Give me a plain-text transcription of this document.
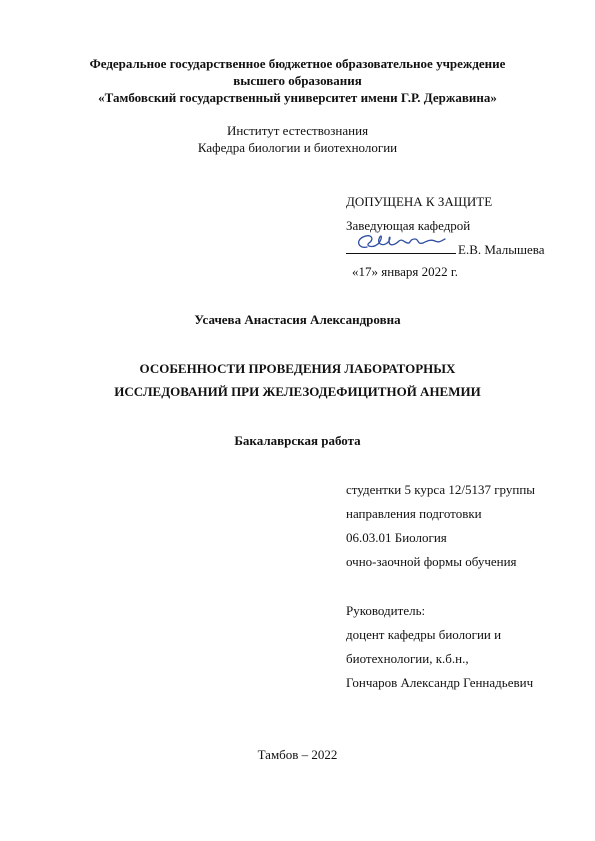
Федеральное государственное бюджетное образовательное учреждение
высшего образования
«Тамбовский государственный университет имени Г.Р. Державина»
Институт естествознания
Кафедра биологии и биотехнологии
ДОПУЩЕНА К ЗАЩИТЕ
Заведующая кафедрой
Е.В. Малышева
«17» января 2022 г.
Усачева Анастасия Александровна
ОСОБЕННОСТИ ПРОВЕДЕНИЯ ЛАБОРАТОРНЫХ
ИССЛЕДОВАНИЙ ПРИ ЖЕЛЕЗОДЕФИЦИТНОЙ АНЕМИИ
Бакалаврская работа
студентки 5 курса 12/5137 группы
направления подготовки
06.03.01 Биология
очно-заочной формы обучения
Руководитель:
доцент кафедры биологии и
биотехнологии, к.б.н.,
Гончаров Александр Геннадьевич
Тамбов – 2022
